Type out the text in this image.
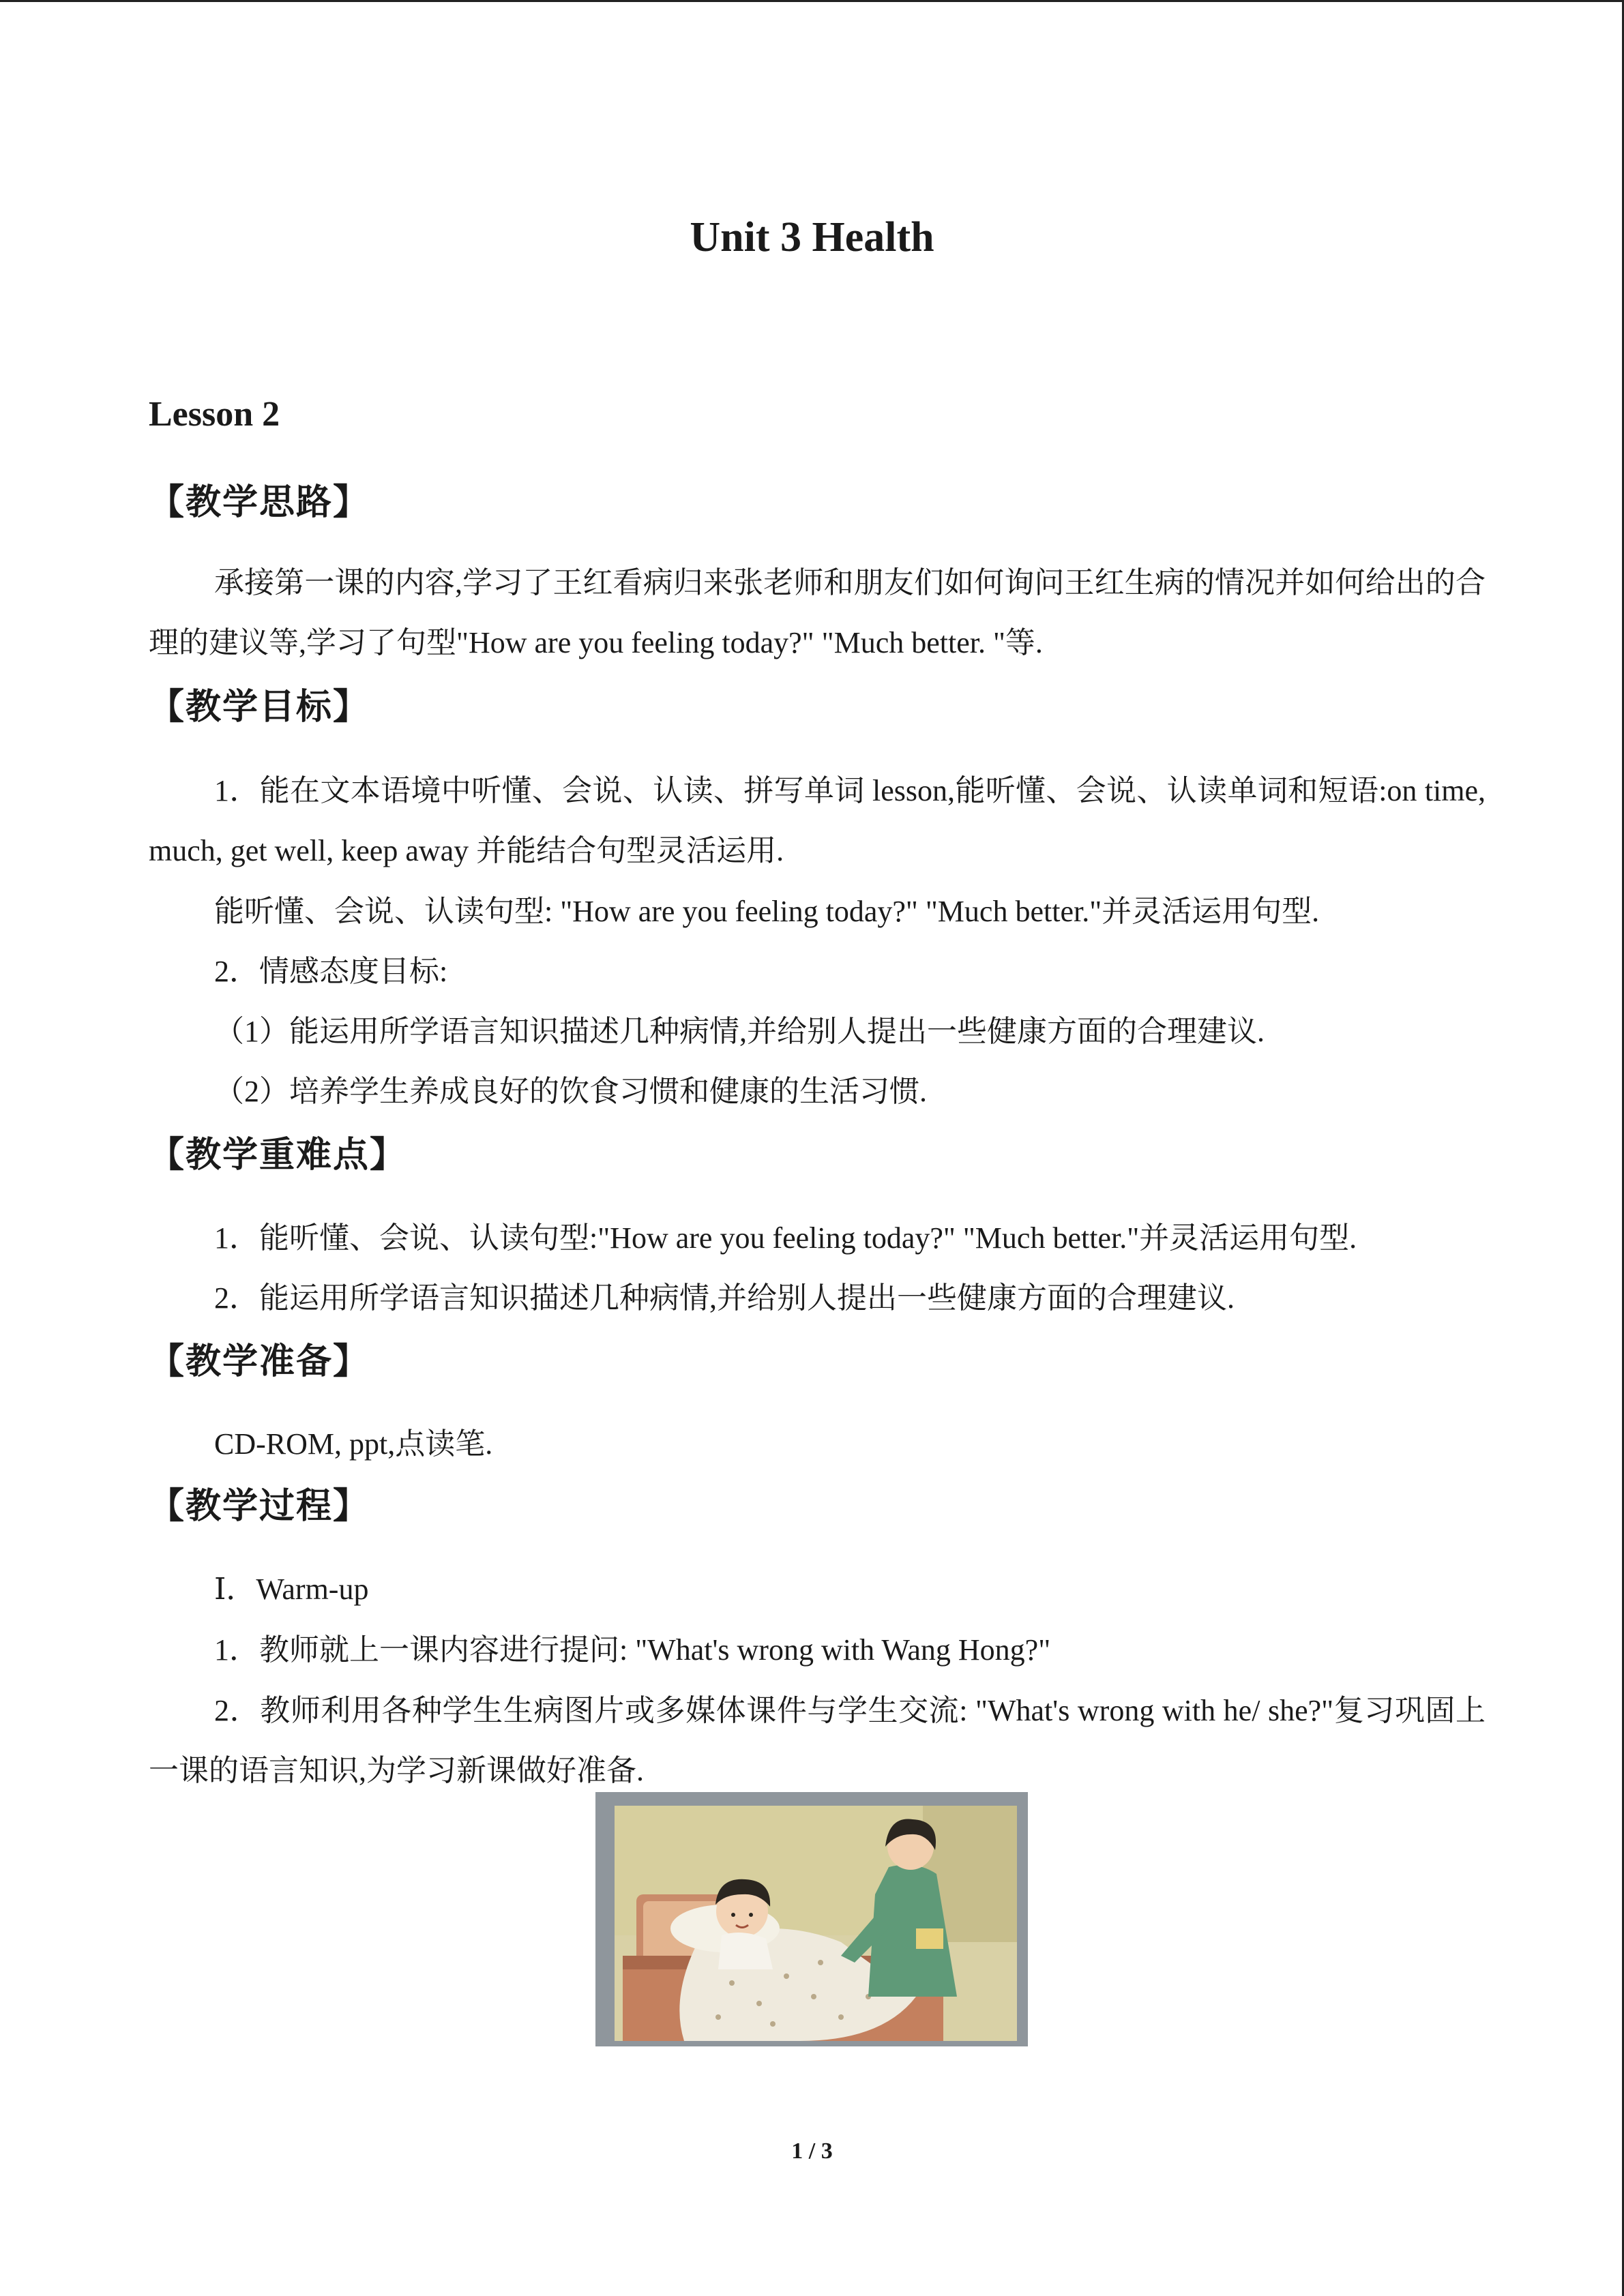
Unit 3 Health
Lesson 2
【教学思路】
承接第一课的内容,学习了王红看病归来张老师和朋友们如何询问王红生病的情况并如何给出的合理的建议等,学习了句型"How are you feeling today?" "Much better. "等.
【教学目标】
1．能在文本语境中听懂、会说、认读、拼写单词 lesson,能听懂、会说、认读单词和短语:on time, much, get well, keep away 并能结合句型灵活运用.
能听懂、会说、认读句型: "How are you feeling today?" "Much better."并灵活运用句型.
2．情感态度目标:
（1）能运用所学语言知识描述几种病情,并给别人提出一些健康方面的合理建议.
（2）培养学生养成良好的饮食习惯和健康的生活习惯.
【教学重难点】
1．能听懂、会说、认读句型:"How are you feeling today?" "Much better."并灵活运用句型.
2．能运用所学语言知识描述几种病情,并给别人提出一些健康方面的合理建议.
【教学准备】
CD-ROM, ppt,点读笔.
【教学过程】
Ⅰ．Warm-up
1．教师就上一课内容进行提问: "What's wrong with Wang Hong?"
2．教师利用各种学生生病图片或多媒体课件与学生交流: "What's wrong with he/ she?"复习巩固上一课的语言知识,为学习新课做好准备.
1 / 3
